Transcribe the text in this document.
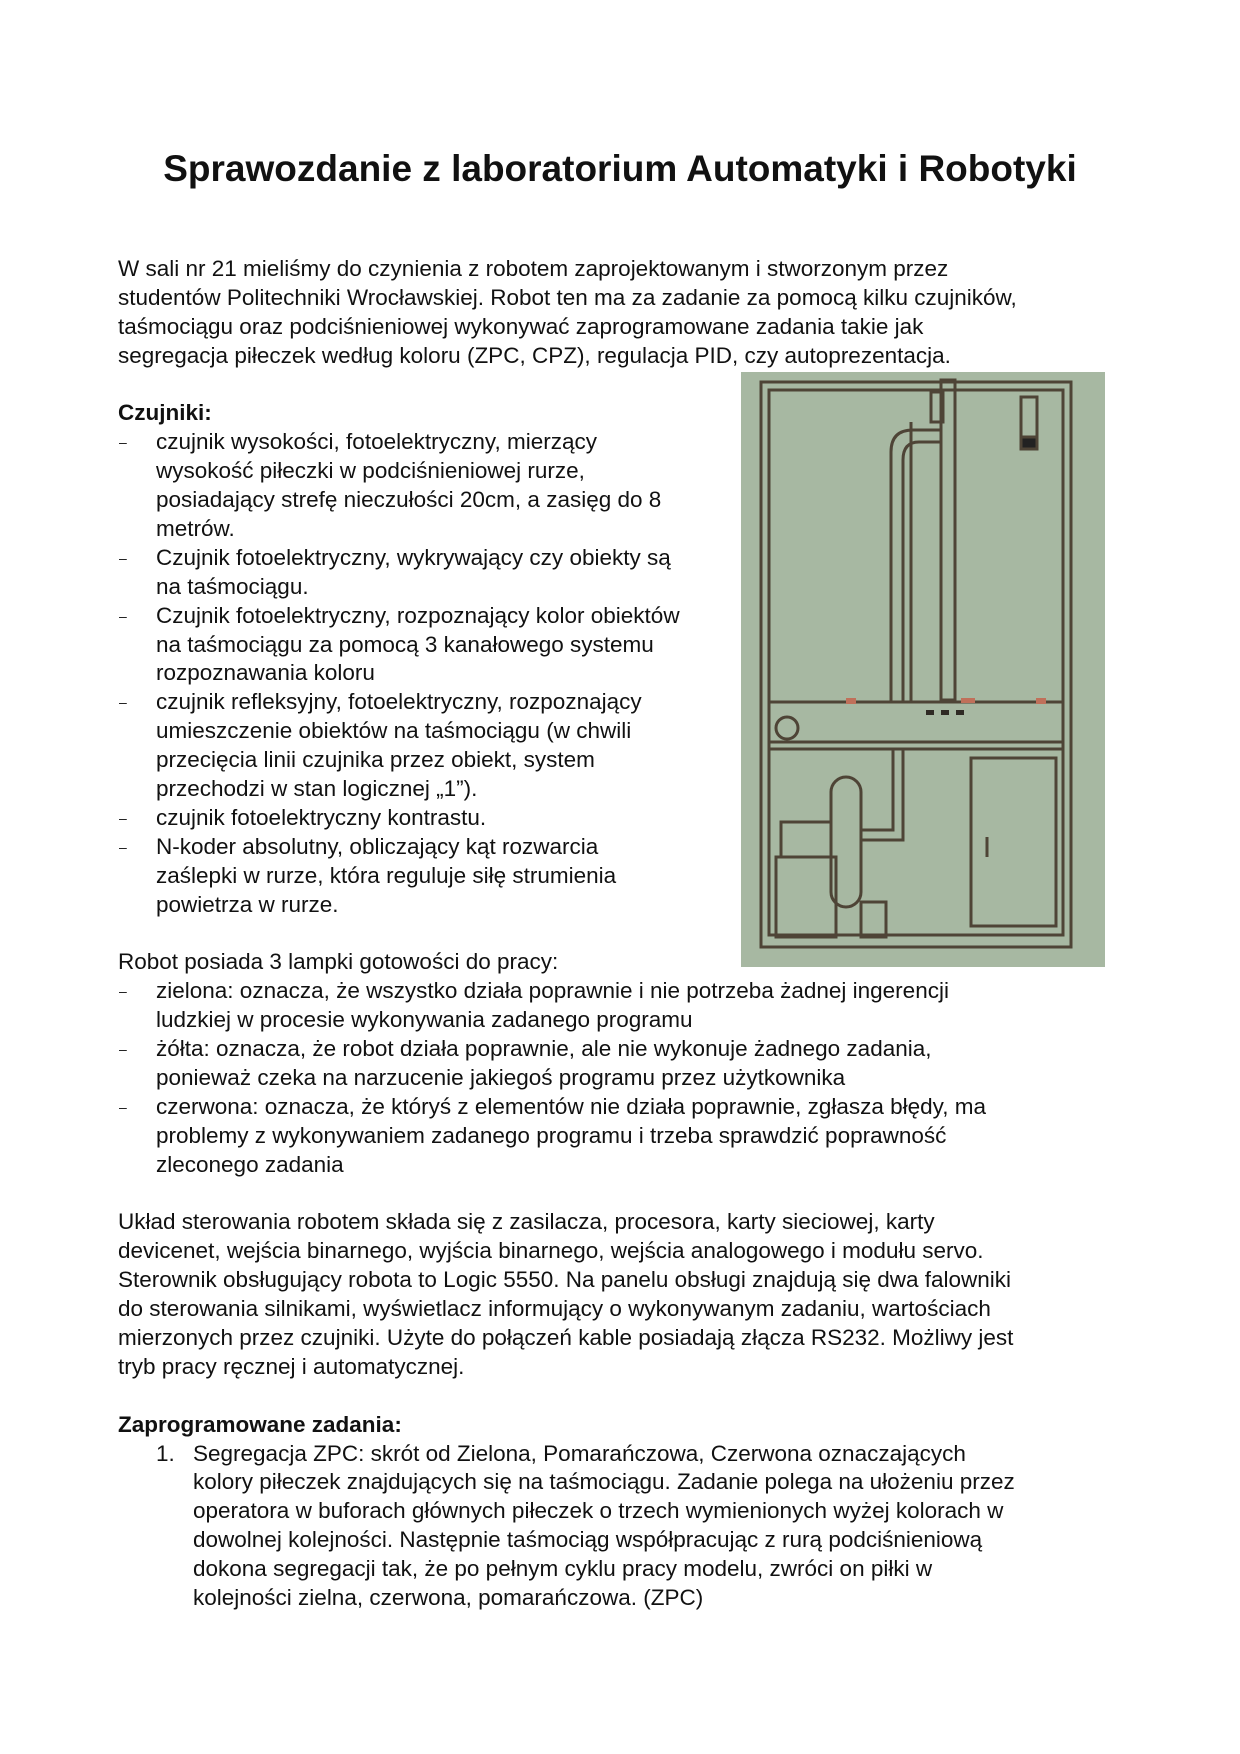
Sprawozdanie z laboratorium Automatyki i Robotyki
W sali nr 21 mieliśmy do czynienia z robotem zaprojektowanym i stworzonym przez
studentów Politechniki Wrocławskiej. Robot ten ma za zadanie za pomocą kilku czujników,
taśmociągu oraz podciśnieniowej wykonywać zaprogramowane zadania takie jak
segregacja piłeczek według koloru (ZPC, CPZ), regulacja PID, czy autoprezentacja.
Czujniki:
– czujnik wysokości, fotoelektryczny, mierzący
wysokość piłeczki w podciśnieniowej rurze,
posiadający strefę nieczułości 20cm, a zasięg do 8
metrów.
– Czujnik fotoelektryczny, wykrywający czy obiekty są
na taśmociągu.
– Czujnik fotoelektryczny, rozpoznający kolor obiektów
na taśmociągu za pomocą 3 kanałowego systemu
rozpoznawania koloru
– czujnik refleksyjny, fotoelektryczny, rozpoznający
umieszczenie obiektów na taśmociągu (w chwili
przecięcia linii czujnika przez obiekt, system
przechodzi w stan logicznej „1”).
– czujnik fotoelektryczny kontrastu.
– N-koder absolutny, obliczający kąt rozwarcia
zaślepki w rurze, która reguluje siłę strumienia
powietrza w rurze.
Robot posiada 3 lampki gotowości do pracy:
– zielona: oznacza, że wszystko działa poprawnie i nie potrzeba żadnej ingerencji
ludzkiej w procesie wykonywania zadanego programu
– żółta: oznacza, że robot działa poprawnie, ale nie wykonuje żadnego zadania,
ponieważ czeka na narzucenie jakiegoś programu przez użytkownika
– czerwona: oznacza, że któryś z elementów nie działa poprawnie, zgłasza błędy, ma
problemy z wykonywaniem zadanego programu i trzeba sprawdzić poprawność
zleconego zadania
Układ sterowania robotem składa się z zasilacza, procesora, karty sieciowej, karty
devicenet, wejścia binarnego, wyjścia binarnego, wejścia analogowego i modułu servo.
Sterownik obsługujący robota to Logic 5550. Na panelu obsługi znajdują się dwa falowniki
do sterowania silnikami, wyświetlacz informujący o wykonywanym zadaniu, wartościach
mierzonych przez czujniki. Użyte do połączeń kable posiadają złącza RS232. Możliwy jest
tryb pracy ręcznej i automatycznej.
Zaprogramowane zadania:
1. Segregacja ZPC: skrót od Zielona, Pomarańczowa, Czerwona oznaczających
kolory piłeczek znajdujących się na taśmociągu. Zadanie polega na ułożeniu przez
operatora w buforach głównych piłeczek o trzech wymienionych wyżej kolorach w
dowolnej kolejności. Następnie taśmociąg współpracując z rurą podciśnieniową
dokona segregacji tak, że po pełnym cyklu pracy modelu, zwróci on piłki w
kolejności zielna, czerwona, pomarańczowa. (ZPC)
